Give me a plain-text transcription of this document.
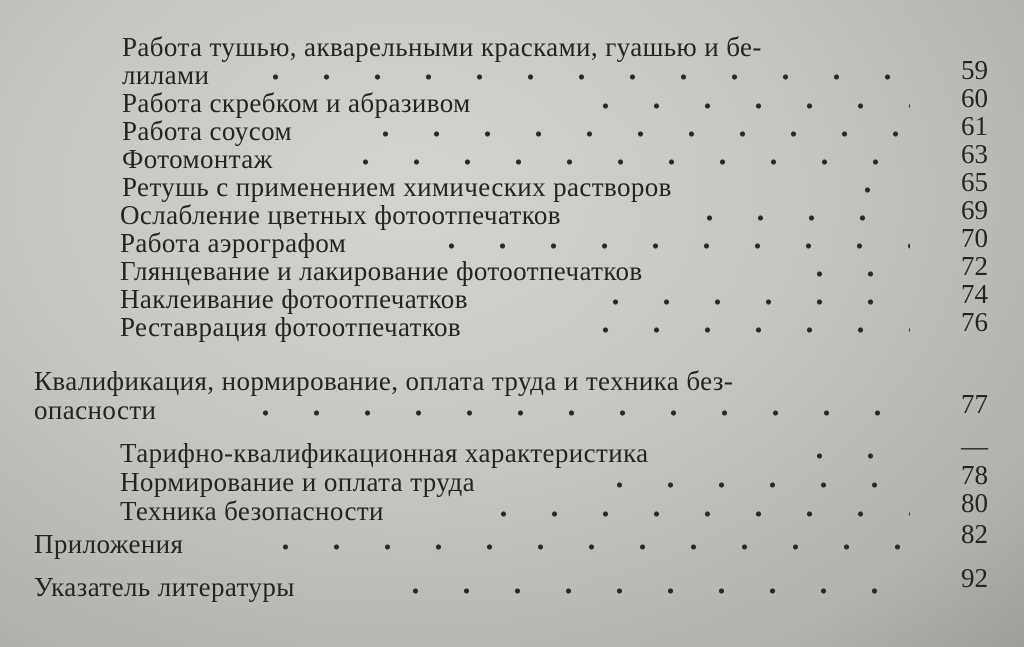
Работа тушью, акварельными красками, гуашью и бе-
лилами	59
Работа скребком и абразивом	60
Работа соусом	61
Фотомонтаж	63
Ретушь с применением химических растворов	65
Ослабление цветных фотоотпечатков	69
Работа аэрографом	70
Глянцевание и лакирование фотоотпечатков	72
Наклеивание фотоотпечатков	74
Реставрация фотоотпечатков	76
Квалификация, нормирование, оплата труда и техника без-
опасности	77
Тарифно-квалификационная характеристика	—
Нормирование и оплата труда	78
Техника безопасности	80
Приложения	82
Указатель литературы	92
